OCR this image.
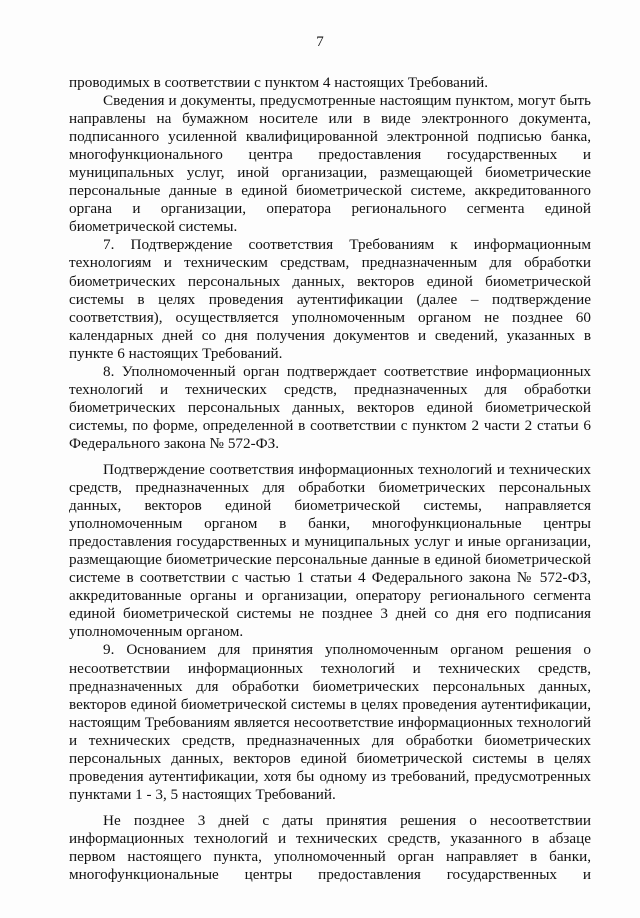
7

проводимых в соответствии с пунктом 4 настоящих Требований.

Сведения и документы, предусмотренные настоящим пунктом, могут быть направлены на бумажном носителе или в виде электронного документа, подписанного усиленной квалифицированной электронной подписью банка, многофункционального центра предоставления государственных и муниципальных услуг, иной организации, размещающей биометрические персональные данные в единой биометрической системе, аккредитованного органа и организации, оператора регионального сегмента единой биометрической системы.

7. Подтверждение соответствия Требованиям к информационным технологиям и техническим средствам, предназначенным для обработки биометрических персональных данных, векторов единой биометрической системы в целях проведения аутентификации (далее – подтверждение соответствия), осуществляется уполномоченным органом не позднее 60 календарных дней со дня получения документов и сведений, указанных в пункте 6 настоящих Требований.

8. Уполномоченный орган подтверждает соответствие информационных технологий и технических средств, предназначенных для обработки биометрических персональных данных, векторов единой биометрической системы, по форме, определенной в соответствии с пунктом 2 части 2 статьи 6 Федерального закона № 572-ФЗ.

Подтверждение соответствия информационных технологий и технических средств, предназначенных для обработки биометрических персональных данных, векторов единой биометрической системы, направляется уполномоченным органом в банки, многофункциональные центры предоставления государственных и муниципальных услуг и иные организации, размещающие биометрические персональные данные в единой биометрической системе в соответствии с частью 1 статьи 4 Федерального закона № 572-ФЗ, аккредитованные органы и организации, оператору регионального сегмента единой биометрической системы не позднее 3 дней со дня его подписания уполномоченным органом.

9. Основанием для принятия уполномоченным органом решения о несоответствии информационных технологий и технических средств, предназначенных для обработки биометрических персональных данных, векторов единой биометрической системы в целях проведения аутентификации, настоящим Требованиям является несоответствие информационных технологий и технических средств, предназначенных для обработки биометрических персональных данных, векторов единой биометрической системы в целях проведения аутентификации, хотя бы одному из требований, предусмотренных пунктами 1 - 3, 5 настоящих Требований.

Не позднее 3 дней с даты принятия решения о несоответствии информационных технологий и технических средств, указанного в абзаце первом настоящего пункта, уполномоченный орган направляет в банки, многофункциональные центры предоставления государственных и
